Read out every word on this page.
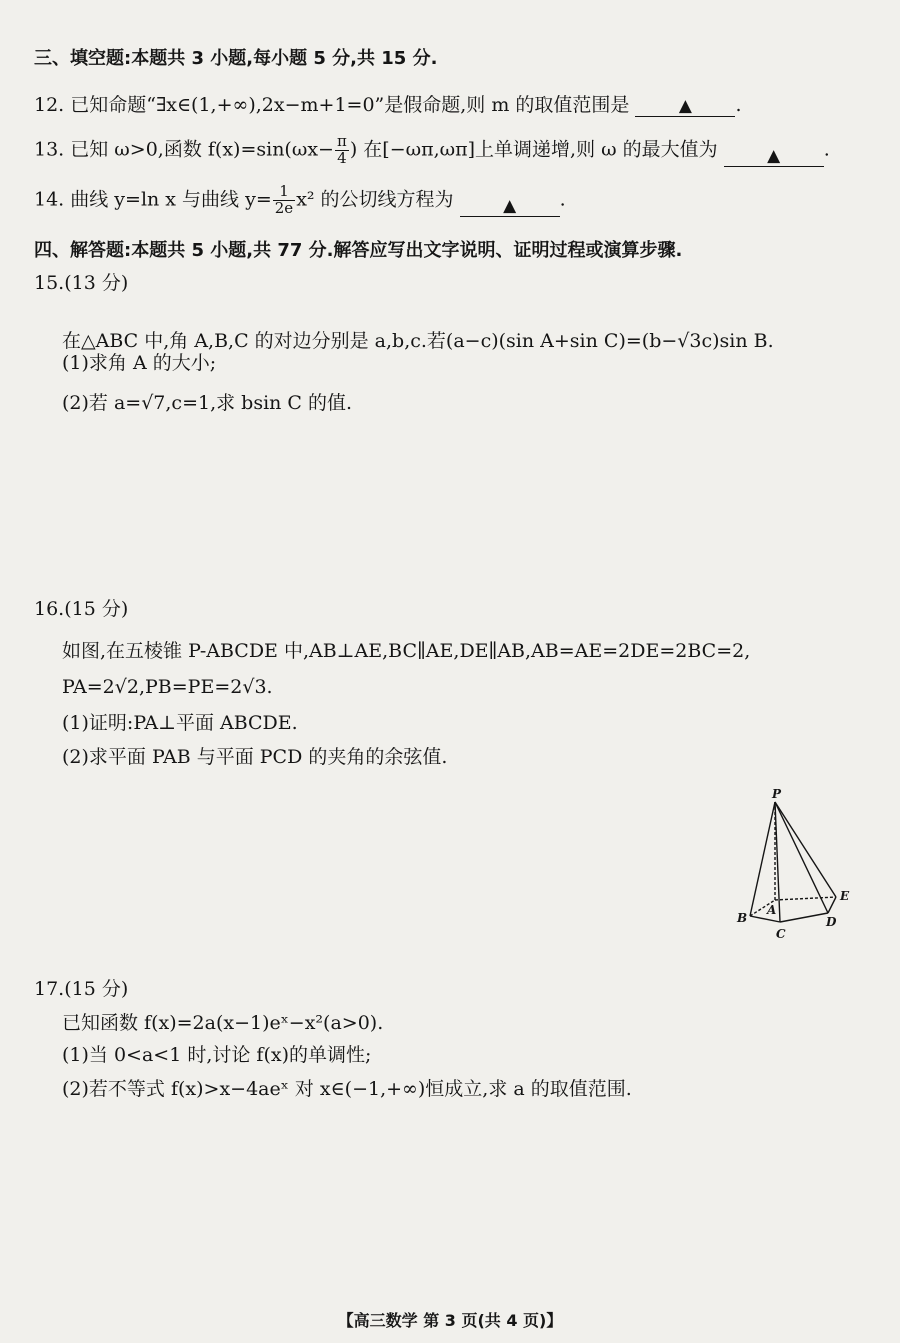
三、填空题:本题共 3 小题,每小题 5 分,共 15 分.
12. 已知命题“∃x∈(1,+∞),2x−m+1=0”是假命题,则 m 的取值范围是	▲ .
13. 已知 ω>0,函数 $f(x)=\sin(\omega x- \frac{\pi}{4}$ ) 在[−ωπ,ωπ]上单调递增,则 ω 的最大值为	▲ .
14. 曲线 y=ln x 与曲线 $y= \frac{1}{2e} x^2$ 的公切线方程为	▲ .
四、解答题:本题共 5 小题,共 77 分.解答应写出文字说明、证明过程或演算步骤.
15.(13 分)
在△ABC 中,角 A,B,C 的对边分别是 a,b,c.若(a−c)(sin A+sin C)=(b−√3c)sin B.
(1)求角 A 的大小;
(2)若 a=√7,c=1,求 bsin C 的值.
16.(15 分)
如图,在五棱锥 P-ABCDE 中,AB⊥AE,BC∥AE,DE∥AB,AB=AE=2DE=2BC=2,
PA=2√2,PB=PE=2√3.
(1)证明:PA⊥平面 ABCDE.
(2)求平面 PAB 与平面 PCD 的夹角的余弦值.
P
A
B
C
D
E
17.(15 分)
已知函数 f(x)=2a(x−1)eˣ−x²(a>0).
(1)当 0<a<1 时,讨论 f(x)的单调性;
(2)若不等式 f(x)>x−4aeˣ 对 x∈(−1,+∞)恒成立,求 a 的取值范围.
【高三数学 第 3 页(共 4 页)】
